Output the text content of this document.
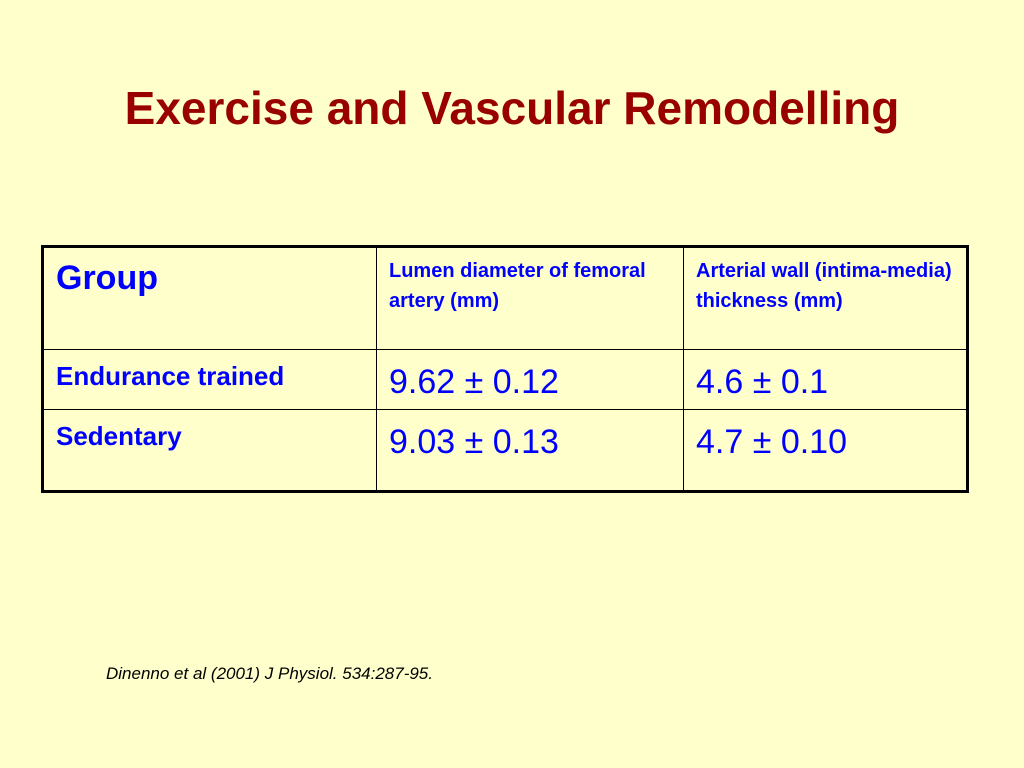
Exercise and Vascular Remodelling
Group	Lumen diameter of femoral artery (mm)	Arterial wall (intima-media) thickness (mm)
Endurance trained	9.62 ± 0.12	4.6 ± 0.1
Sedentary	9.03 ± 0.13	4.7 ± 0.10
Dinenno et al (2001) J Physiol. 534:287-95.
